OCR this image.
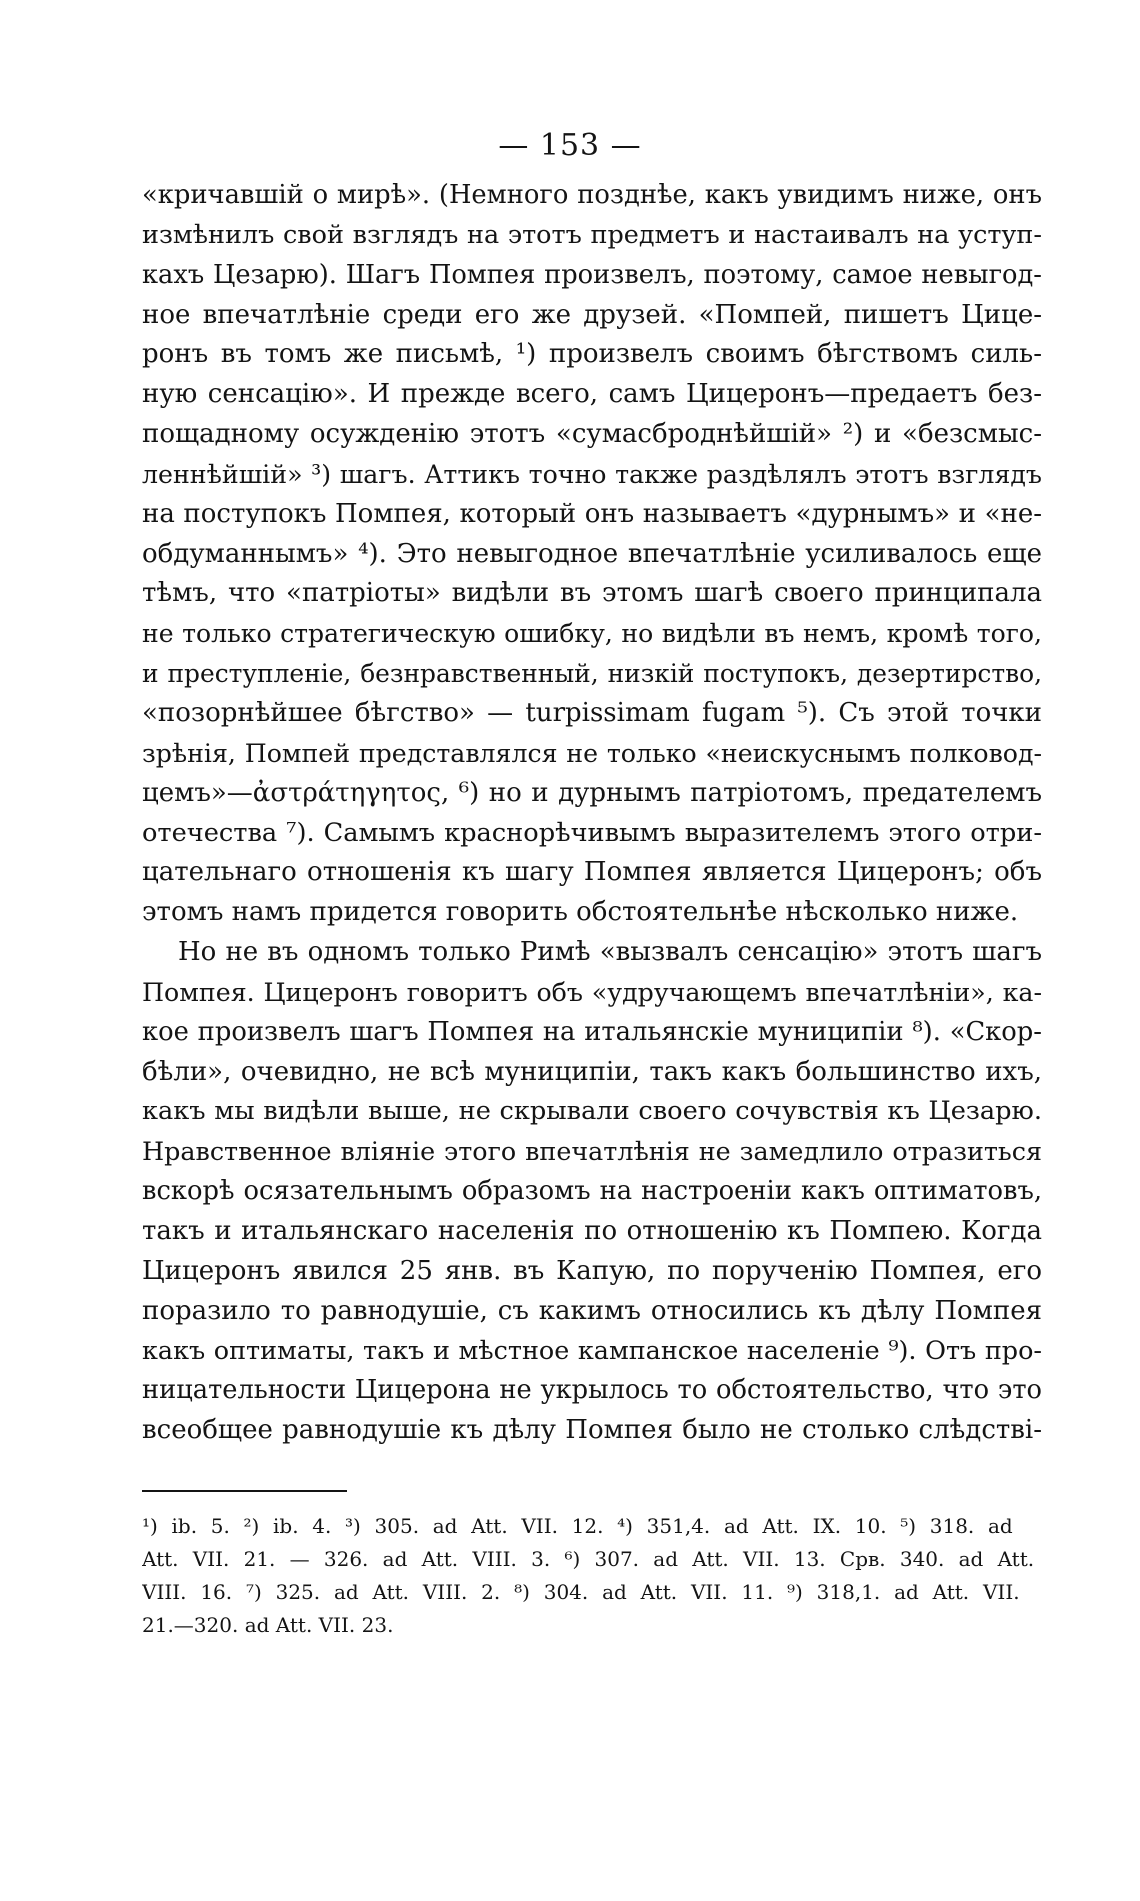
— 153 —
«кричавшій о мирѣ». (Немного позднѣе, какъ увидимъ ниже, онъ
измѣнилъ свой взглядъ на этотъ предметъ и настаивалъ на уступ-
кахъ Цезарю). Шагъ Помпея произвелъ, поэтому, самое невыгод-
ное впечатлѣніе среди его же друзей. «Помпей, пишетъ Цице-
ронъ въ томъ же письмѣ, ¹) произвелъ своимъ бѣгствомъ силь-
ную сенсацію». И прежде всего, самъ Цицеронъ—предаетъ без-
пощадному осужденію этотъ «сумасброднѣйшій» ²) и «безсмыс-
леннѣйшій» ³) шагъ. Аттикъ точно также раздѣлялъ этотъ взглядъ
на поступокъ Помпея, который онъ называетъ «дурнымъ» и «не-
обдуманнымъ» ⁴). Это невыгодное впечатлѣніе усиливалось еще
тѣмъ, что «патріоты» видѣли въ этомъ шагѣ своего принципала
не только стратегическую ошибку, но видѣли въ немъ, кромѣ того,
и преступленіе, безнравственный, низкій поступокъ, дезертирство,
«позорнѣйшее бѣгство» — turpissimam fugam ⁵). Съ этой точки
зрѣнія, Помпей представлялся не только «неискуснымъ полковод-
цемъ»—ἀστράτηγητος, ⁶) но и дурнымъ патріотомъ, предателемъ
отечества ⁷). Самымъ краснорѣчивымъ выразителемъ этого отри-
цательнаго отношенія къ шагу Помпея является Цицеронъ; объ
этомъ намъ придется говорить обстоятельнѣе нѣсколько ниже.
Но не въ одномъ только Римѣ «вызвалъ сенсацію» этотъ шагъ
Помпея. Цицеронъ говоритъ объ «удручающемъ впечатлѣніи», ка-
кое произвелъ шагъ Помпея на итальянскіе муниципіи ⁸). «Скор-
бѣли», очевидно, не всѣ муниципіи, такъ какъ большинство ихъ,
какъ мы видѣли выше, не скрывали своего сочувствія къ Цезарю.
Нравственное вліяніе этого впечатлѣнія не замедлило отразиться
вскорѣ осязательнымъ образомъ на настроеніи какъ оптиматовъ,
такъ и итальянскаго населенія по отношенію къ Помпею. Когда
Цицеронъ явился 25 янв. въ Капую, по порученію Помпея, его
поразило то равнодушіе, съ какимъ относились къ дѣлу Помпея
какъ оптиматы, такъ и мѣстное кампанское населеніе ⁹). Отъ про-
ницательности Цицерона не укрылось то обстоятельство, что это
всеобщее равнодушіе къ дѣлу Помпея было не столько слѣдстві-
¹) ib. 5. ²) ib. 4. ³) 305. ad Att. VII. 12. ⁴) 351,4. ad Att. IX. 10. ⁵) 318. ad
Att. VII. 21. — 326. ad Att. VIII. 3. ⁶) 307. ad Att. VII. 13. Срв. 340. ad Att.
VIII. 16. ⁷) 325. ad Att. VIII. 2. ⁸) 304. ad Att. VII. 11. ⁹) 318,1. ad Att. VII.
21.—320. ad Att. VII. 23.
